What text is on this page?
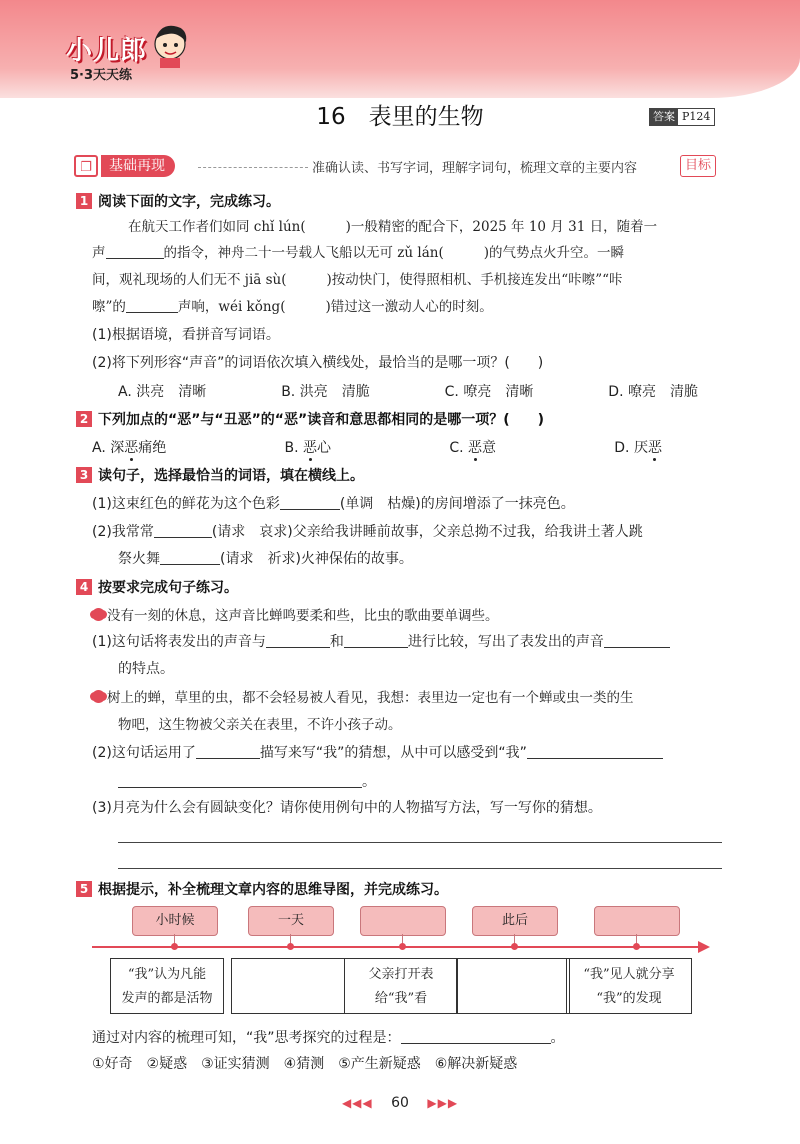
小儿郎
5·3天天练
16　表里的生物	答案 P124
❐	基础再现	准确认读、书写字词，理解字词句，梳理文章的主要内容	目标
1 阅读下面的文字，完成练习。
在航天工作者们如同 chǐ lún(	)一般精密的配合下，2025 年 10 月 31 日，随着一
声	的指令，神舟二十一号载人飞船以无可 zǔ lán(	)的气势点火升空。一瞬
间，观礼现场的人们无不 jiā sù(	)按动快门，使得照相机、手机接连发出“咔嚓”“咔
嚓”的	声响，wéi kǒng(	)错过这一激动人心的时刻。
(1)根据语境，看拼音写词语。
(2)将下列形容“声音”的词语依次填入横线处，最恰当的是哪一项？(　　)
A. 洪亮　清晰	B. 洪亮　清脆	C. 嘹亮　清晰	D. 嘹亮　清脆
2 下列加点的“恶”与“丑恶”的“恶”读音和意思都相同的是哪一项？(　　)
A. 深恶痛绝	B. 恶心	C. 恶意	D. 厌恶
3 读句子，选择最恰当的词语，填在横线上。
(1)这束红色的鲜花为这个色彩	(单调　枯燥)的房间增添了一抹亮色。
(2)我常常	(请求　哀求)父亲给我讲睡前故事，父亲总拗不过我，给我讲土著人跳
祭火舞	(请求　祈求)火神保佑的故事。
4 按要求完成句子练习。
没有一刻的休息，这声音比蝉鸣要柔和些，比虫的歌曲要单调些。
(1)这句话将表发出的声音与	和	进行比较，写出了表发出的声音
的特点。
树上的蝉，草里的虫，都不会轻易被人看见，我想：表里边一定也有一个蝉或虫一类的生
物吧，这生物被父亲关在表里，不许小孩子动。
(2)这句话运用了	描写来写“我”的猜想，从中可以感受到“我”
。
(3)月亮为什么会有圆缺变化？请你使用例句中的人物描写方法，写一写你的猜想。
5 根据提示，补全梳理文章内容的思维导图，并完成练习。
小时候	一天	此后
“我”认为凡能
发声的都是活物
父亲打开表
给“我”看
“我”见人就分享
“我”的发现
通过对内容的梳理可知，“我”思考探究的过程是：	。
①好奇　②疑惑　③证实猜测　④猜测　⑤产生新疑惑　⑥解决新疑惑
◀◀◀ 60 ▶▶▶
